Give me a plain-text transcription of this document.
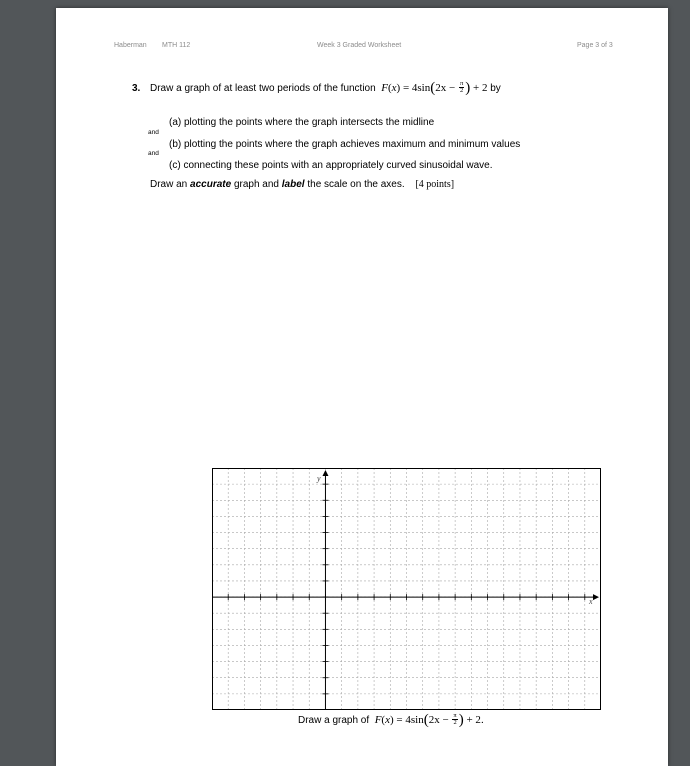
Haberman MTH 112	Week 3 Graded Worksheet	Page 3 of 3
3. Draw a graph of at least two periods of the function $F(x) = 4\sin(2x - \frac{\pi}{2}$ ) + 2 by
(a) plotting the points where the graph intersects the midline
and
(b) plotting the points where the graph achieves maximum and minimum values
and
(c) connecting these points with an appropriately curved sinusoidal wave.
Draw an accurate graph and label the scale on the axes. [4 points]
y
x
Draw a graph of $F(x) = 4\sin(2x - \frac{\pi}{2}$ ) + 2.
